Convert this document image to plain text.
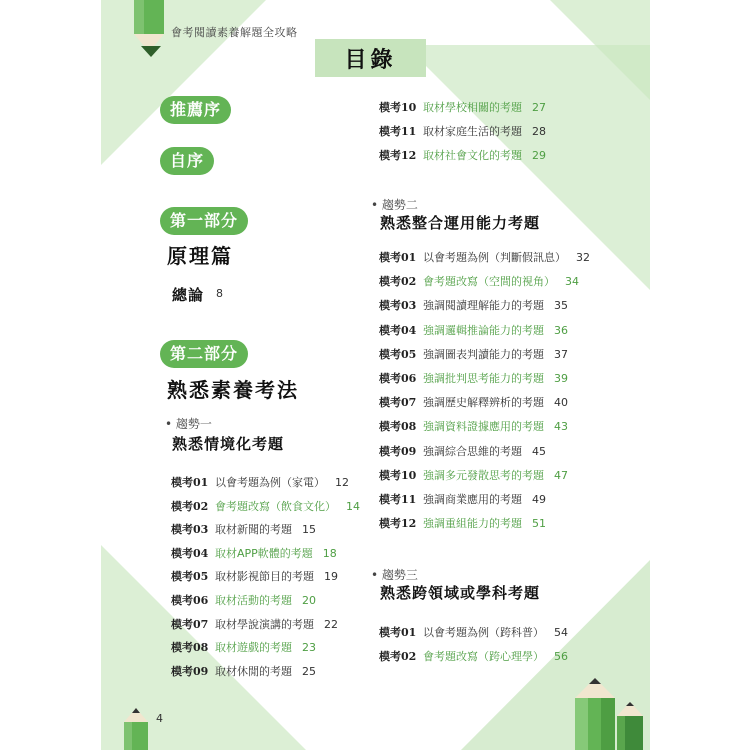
會考閱讀素養解題全攻略
目錄
推薦序
自序
第一部分
原理篇
總論 8
第二部分
熟悉素養考法
• 趨勢一
熟悉情境化考題
模考01 以會考題為例（家電） 12
模考02 會考題改寫（飲食文化） 14
模考03 取材新聞的考題 15
模考04 取材APP軟體的考題 18
模考05 取材影視節目的考題 19
模考06 取材活動的考題 20
模考07 取材學說演講的考題 22
模考08 取材遊戲的考題 23
模考09 取材休閒的考題 25
模考10 取材學校相關的考題 27
模考11 取材家庭生活的考題 28
模考12 取材社會文化的考題 29
• 趨勢二
熟悉整合運用能力考題
模考01 以會考題為例（判斷假訊息） 32
模考02 會考題改寫（空間的視角） 34
模考03 強調閱讀理解能力的考題 35
模考04 強調邏輯推論能力的考題 36
模考05 強調圖表判讀能力的考題 37
模考06 強調批判思考能力的考題 39
模考07 強調歷史解釋辨析的考題 40
模考08 強調資料證據應用的考題 43
模考09 強調綜合思維的考題 45
模考10 強調多元發散思考的考題 47
模考11 強調商業應用的考題 49
模考12 強調重組能力的考題 51
• 趨勢三
熟悉跨領域或學科考題
模考01 以會考題為例（跨科普） 54
模考02 會考題改寫（跨心理學） 56
4
